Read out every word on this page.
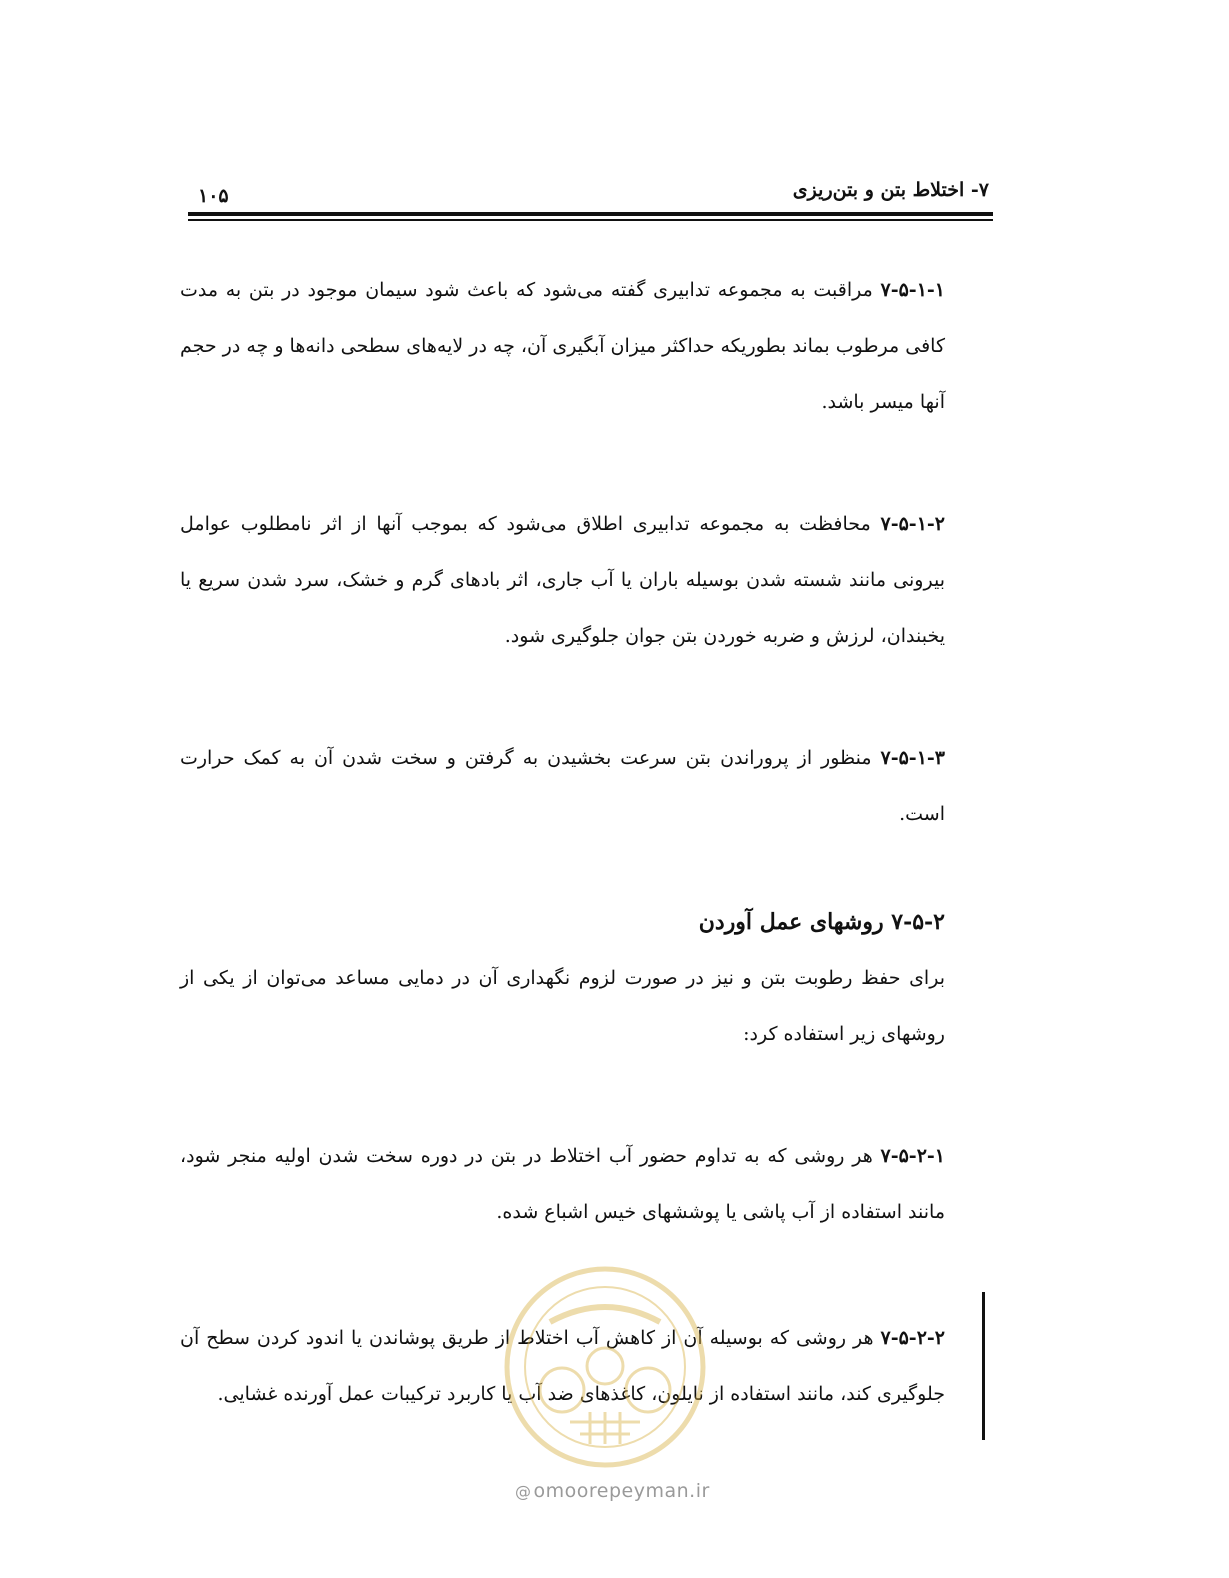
۷- اختلاط بتن و بتن‌ریزی
۱۰۵

۷-۵-۱-۱ مراقبت به مجموعه تدابیری گفته می‌شود که باعث شود سیمان موجود در بتن به مدت کافی مرطوب بماند بطوریکه حداکثر میزان آبگیری آن، چه در لایه‌های سطحی دانه‌ها و چه در حجم آنها میسر باشد.

۷-۵-۱-۲ محافظت به مجموعه تدابیری اطلاق می‌شود که بموجب آنها از اثر نامطلوب عوامل بیرونی مانند شسته شدن بوسیله باران یا آب جاری، اثر بادهای گرم و خشک، سرد شدن سریع یا یخبندان، لرزش و ضربه خوردن بتن جوان جلوگیری شود.

۷-۵-۱-۳ منظور از پروراندن بتن سرعت بخشیدن به گرفتن و سخت شدن آن به کمک حرارت است.

۷-۵-۲ روشهای عمل آوردن

برای حفظ رطوبت بتن و نیز در صورت لزوم نگهداری آن در دمایی مساعد می‌توان از یکی از روشهای زیر استفاده کرد:

۷-۵-۲-۱ هر روشی که به تداوم حضور آب اختلاط در بتن در دوره سخت شدن اولیه منجر شود، مانند استفاده از آب پاشی یا پوششهای خیس اشباع شده.

۷-۵-۲-۲ هر روشی که بوسیله آن از کاهش آب اختلاط از طریق پوشاندن یا اندود کردن سطح آن جلوگیری کند، مانند استفاده از نایلون، کاغذهای ضد آب یا کاربرد ترکیبات عمل آورنده غشایی.

@ omoorepeyman.ir
